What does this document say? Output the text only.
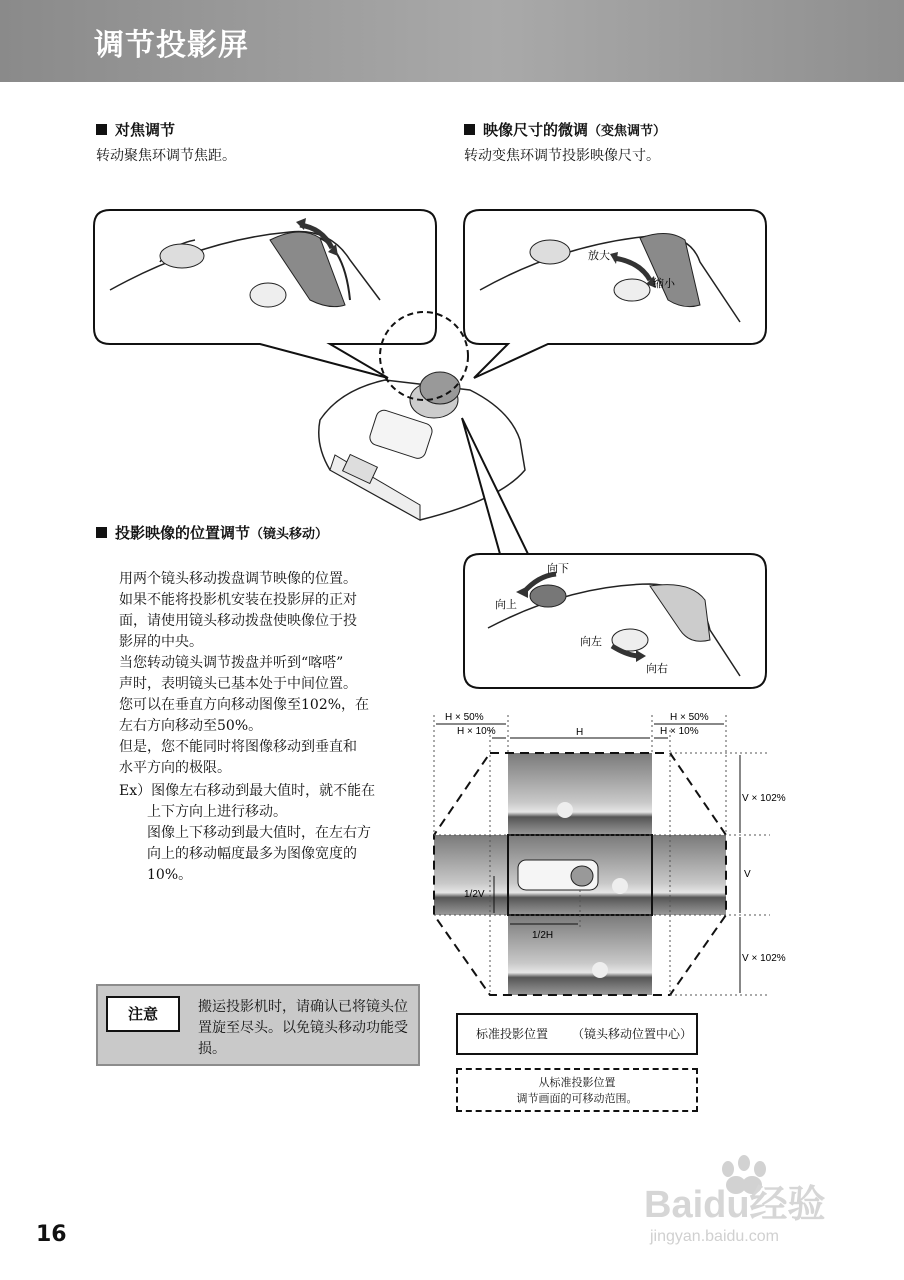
调节投影屏
对焦调节

转动聚焦环调节焦距。

映像尺寸的微调（变焦调节）

转动变焦环调节投影映像尺寸。

放大
缩小
向下
向上
向左
向右
投影映像的位置调节（镜头移动）

用两个镜头移动拨盘调节映像的位置。

如果不能将投影机安装在投影屏的正对

面，请使用镜头移动拨盘使映像位于投

影屏的中央。

当您转动镜头调节拨盘并听到“喀嗒”

声时，表明镜头已基本处于中间位置。

您可以在垂直方向移动图像至102%，在

左右方向移动至50%。

但是，您不能同时将图像移动到垂直和

水平方向的极限。

Ex）图像左右移动到最大值时，就不能在

上下方向上进行移动。

图像上下移动到最大值时，在左右方

向上的移动幅度最多为图像宽度的

10%。

H × 50%
H × 10%	H
H × 50%
H × 10%
V × 102%
V
V × 102%
1/2V
1/2H
标准投影位置 （镜头移动位置中心）
从标准投影位置
调节画面的可移动范围。
注意	搬运投影机时，请确认已将镜头位置旋至尽头。以免镜头移动功能受损。
16
Baidu经验
jingyan.baidu.com
